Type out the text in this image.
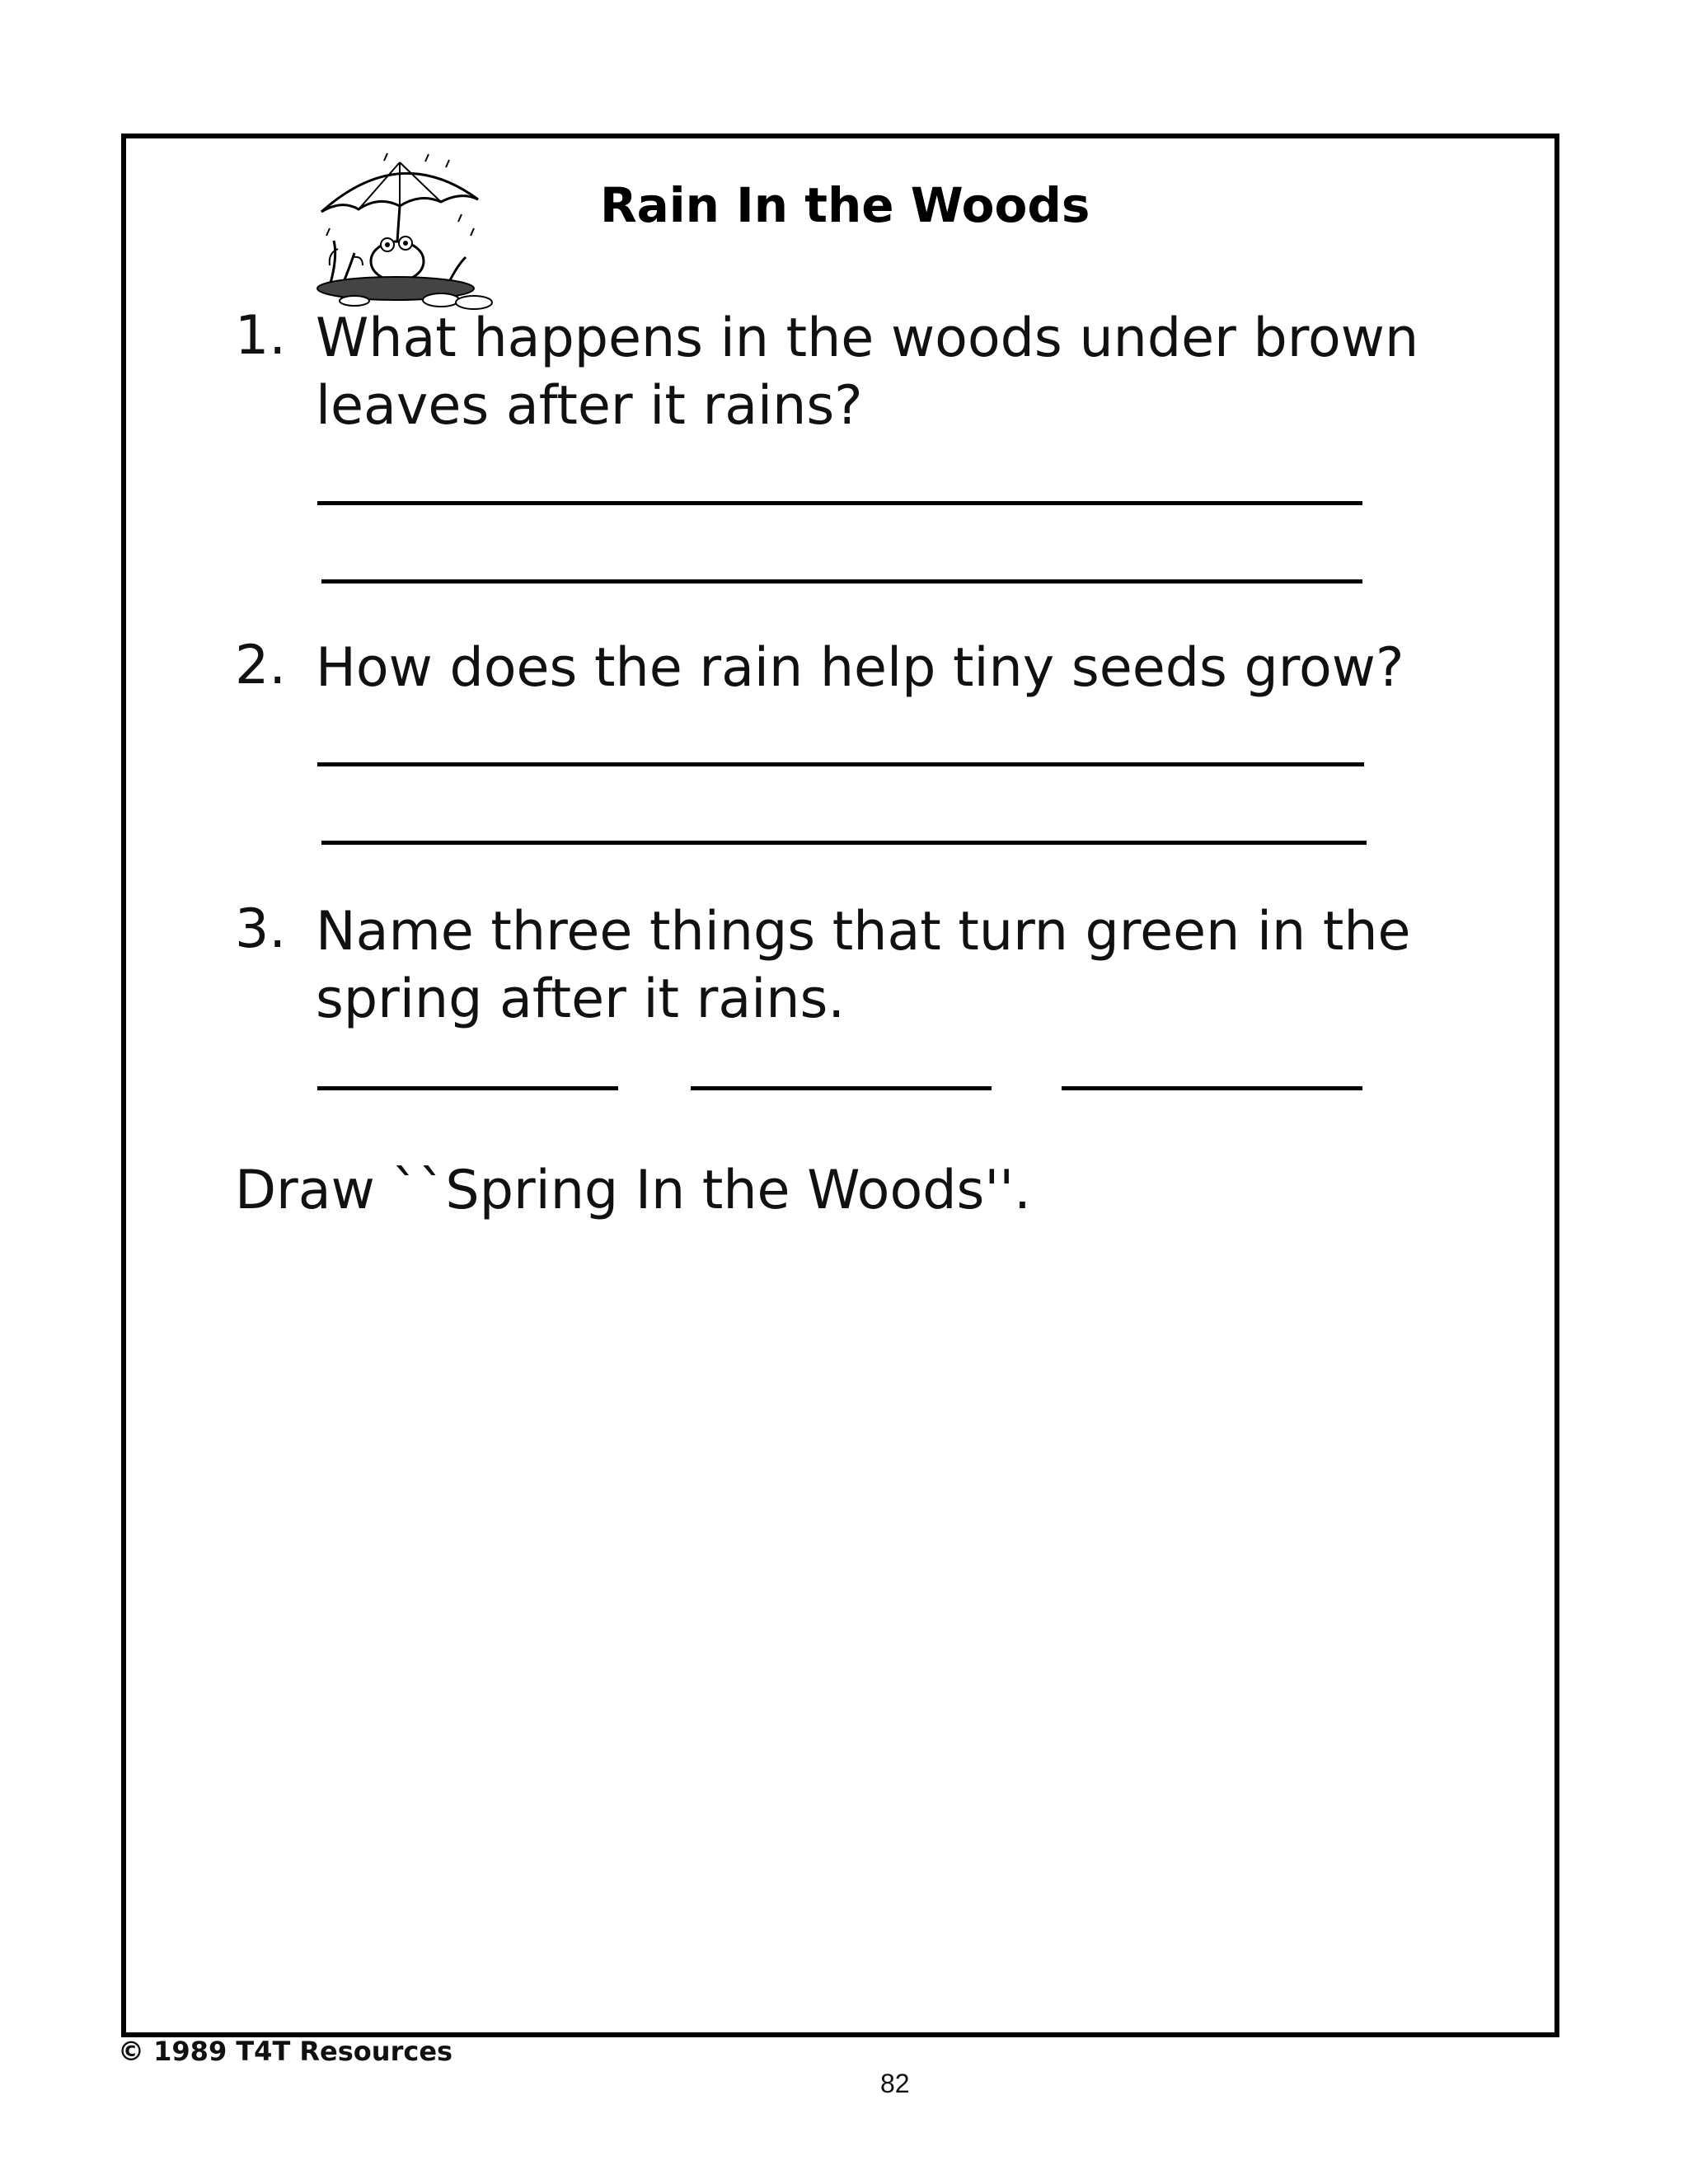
Rain In the Woods
1. What happens in the woods under brown
leaves after it rains?
2. How does the rain help tiny seeds grow?
3. Name three things that turn green in the
spring after it rains.
Draw ``Spring In the Woods''.
© 1989 T4T Resources
82
